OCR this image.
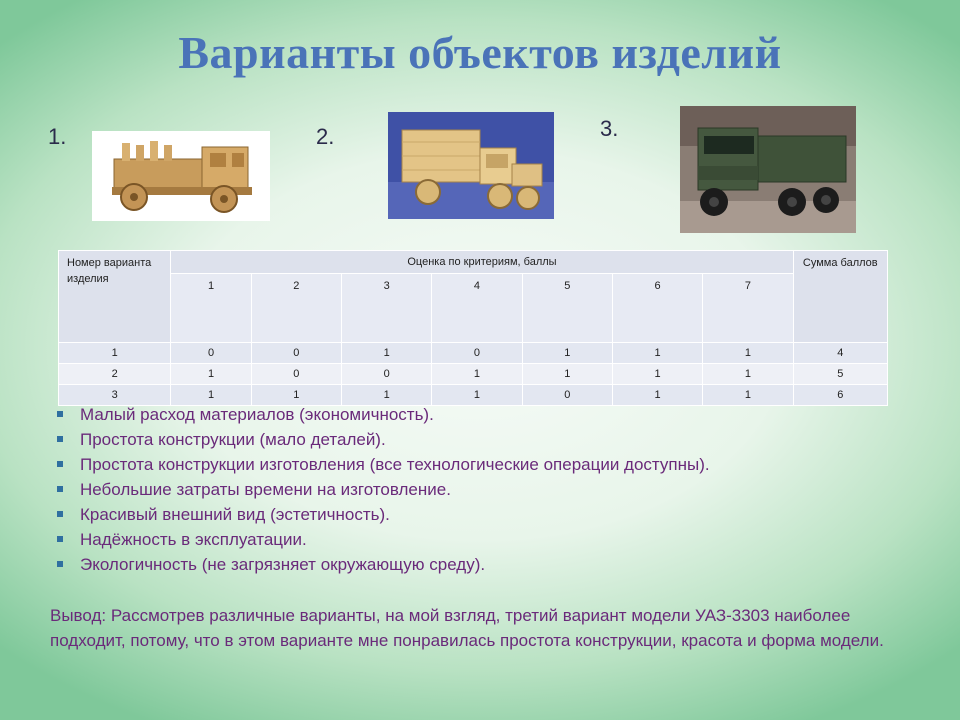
Варианты объектов изделий
1.	2.	3.
Номер варианта изделия	Оценка по критериям, баллы							Сумма баллов
	1	2	3	4	5	6	7	
1	0	0	1	0	1	1	1	4
2	1	0	0	1	1	1	1	5
3	1	1	1	1	0	1	1	6
Малый расход материалов (экономичность).
Простота конструкции (мало деталей).
Простота конструкции изготовления (все технологические операции доступны).
Небольшие затраты времени на изготовление.
Красивый внешний вид (эстетичность).
Надёжность в эксплуатации.
Экологичность (не загрязняет окружающую среду).
Вывод: Рассмотрев различные варианты, на мой взгляд, третий вариант модели УАЗ-3303 наиболее подходит, потому, что в этом варианте мне понравилась простота конструкции, красота и форма модели.
